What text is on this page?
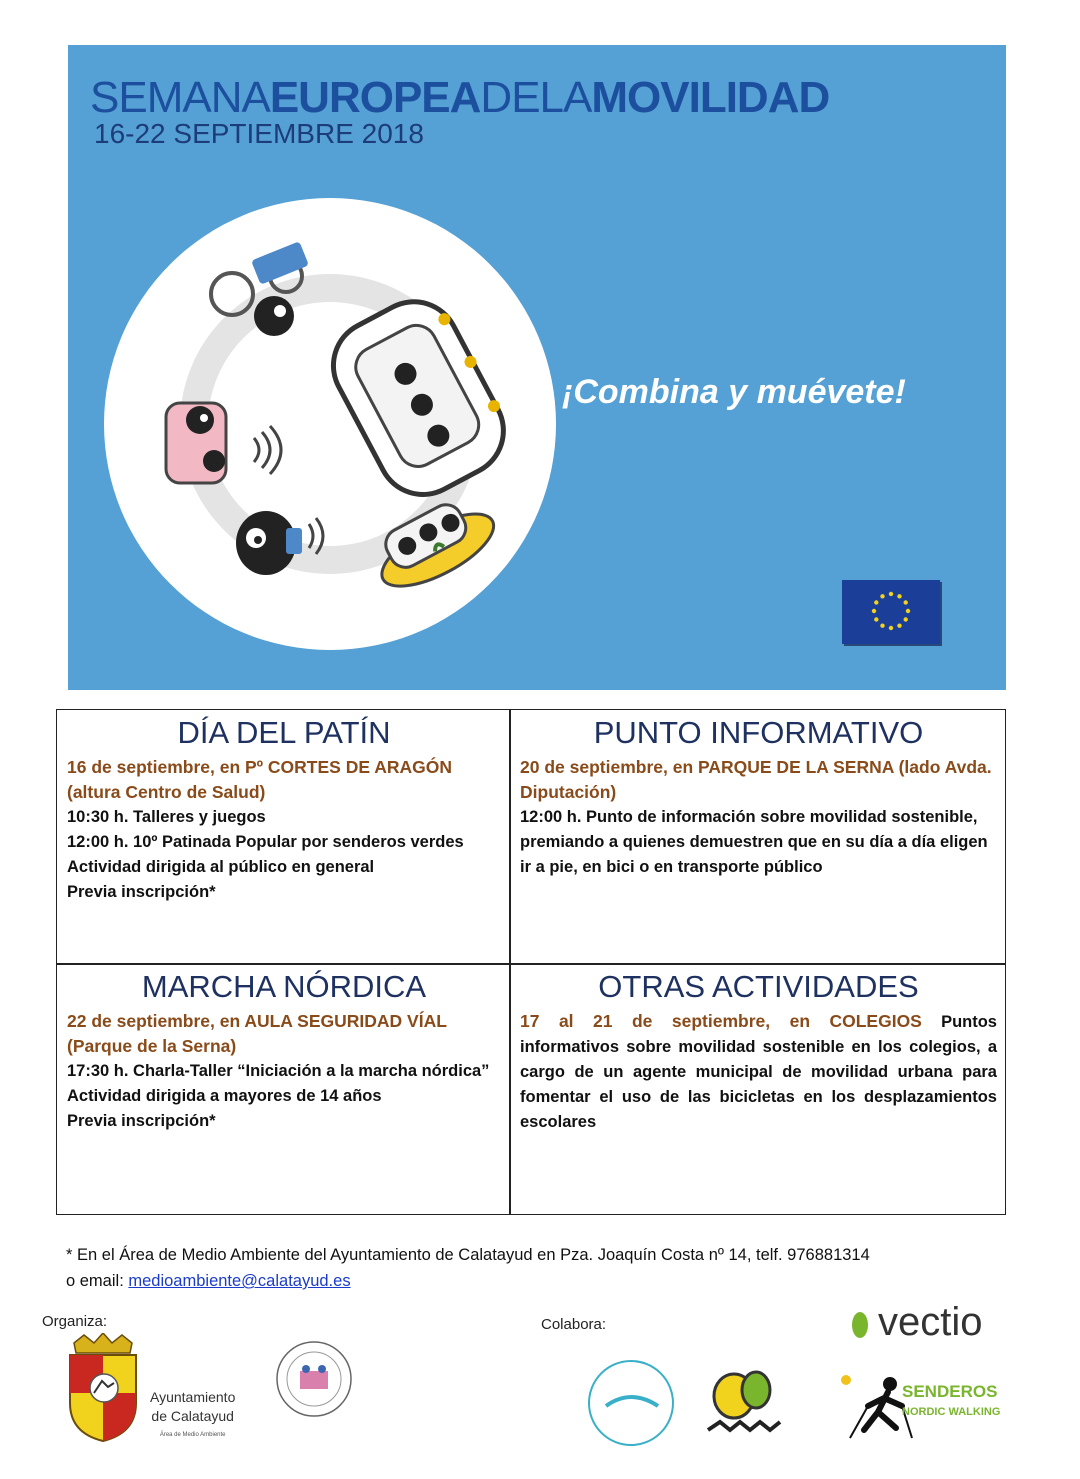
SEMANAEUROPEADELAMOVILIDAD
16-22 SEPTIEMBRE 2018
¡Combina y muévete!
DÍA DEL PATÍN
16 de septiembre, en Pº CORTES DE ARAGÓN (altura Centro de Salud)
10:30 h. Talleres y juegos
12:00 h. 10º Patinada Popular por senderos verdes
Actividad dirigida al público en general
Previa inscripción*
PUNTO INFORMATIVO
20 de septiembre, en PARQUE DE LA SERNA (lado Avda. Diputación)
12:00 h. Punto de información sobre movilidad sostenible, premiando a quienes demuestren que en su día a día eligen ir a pie, en bici o en transporte público
MARCHA NÓRDICA
22 de septiembre, en AULA SEGURIDAD VÍAL (Parque de la Serna)
17:30 h. Charla-Taller “Iniciación a la marcha nórdica”
Actividad dirigida a mayores de 14 años
Previa inscripción*
OTRAS ACTIVIDADES
17 al 21 de septiembre, en COLEGIOS Puntos informativos sobre movilidad sostenible en los colegios, a cargo de un agente municipal de movilidad urbana para fomentar el uso de las bicicletas en los desplazamientos escolares
* En el Área de Medio Ambiente del Ayuntamiento de Calatayud en Pza. Joaquín Costa nº 14, telf. 976881314
o email: medioambiente@calatayud.es
Organiza:	Colabora:
Ayuntamiento
de Calatayud
Área de Medio Ambiente
vectio
SENDEROS
NORDIC WALKING
